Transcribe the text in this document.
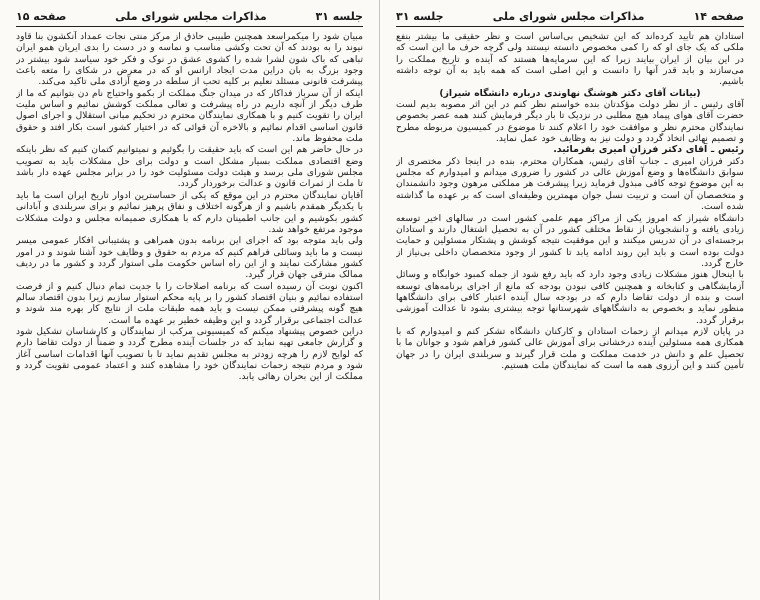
جلسه ۳۱
مذاکرات مجلس شورای ملی
صفحه ۱۵

مبیان شود را میکمراسعد همچنین طبیبی حاذق از مرکز منتی نجات عمداد آنکشون بنا قاود نیوند را به بودند که آن تحت وکشی مناسب و نماسه و در دست را بدی ایریان همو ایران تباهی که باک شون لشرا شده را کشوی عشق در نوک و فکر خود سیاسد شود بیشتر در وجود بزرگ به بان دراین مدت ایجاد ارانس او که در معرض در شکای را متعه باعث پیشرفت قانونی مسئلد نعلیم بر کلیه تحب از سلطه در وضع آزادی ملی تاکید می‌کند.

اینکه از آن سرباز فداکار که در میدان جنگ مملکت از بکمو واحتیاج نام دن بتوانیم که ما از طرف دیگر از آنچه داریم در راه پیشرفت و تعالی مملکت کوشش نمائیم و اساس ملیت ایران را تقویت کنیم و با همکاری نمایندگان محترم در تحکیم مبانی استقلال و اجرای اصول قانون اساسی اقدام نمائیم و بالاخره آن قوائی که در اختیار کشور است بکار افتد و حقوق ملت محفوظ ماند.

در حال حاضر هم این است که باید حقیقت را بگوئیم و نمیتوانیم کتمان کنیم که نظر باینکه وضع اقتصادی مملکت بسیار مشکل است و دولت برای حل مشکلات باید به تصویب مجلس شورای ملی برسد و هیئت دولت مسئولیت خود را در برابر مجلس عهده دار باشد تا ملت از ثمرات قانون و عدالت برخوردار گردد.

آقایان نمایندگان محترم در این موقع که یکی از حساسترین ادوار تاریخ ایران است ما باید با یکدیگر همقدم باشیم و از هرگونه اختلاف و نفاق پرهیز نمائیم و برای سربلندی و آبادانی کشور بکوشیم و این جانب اطمینان دارم که با همکاری صمیمانه مجلس و دولت مشکلات موجود مرتفع خواهد شد.

ولی باید متوجه بود که اجرای این برنامه بدون همراهی و پشتیبانی افکار عمومی میسر نیست و ما باید وسائلی فراهم کنیم که مردم به حقوق و وظایف خود آشنا شوند و در امور کشور مشارکت نمایند و از این راه اساس حکومت ملی استوار گردد و کشور ما در ردیف ممالک مترقی جهان قرار گیرد.

اکنون نوبت آن رسیده است که برنامه اصلاحات را با جدیت تمام دنبال کنیم و از فرصت استفاده نمائیم و بنیان اقتصاد کشور را بر پایه محکم استوار سازیم زیرا بدون اقتصاد سالم هیچ گونه پیشرفتی ممکن نیست و باید همه طبقات ملت از نتایج کار بهره مند شوند و عدالت اجتماعی برقرار گردد و این وظیفه خطیر بر عهده ما است.

دراین خصوص پیشنهاد میکنم که کمیسیونی مرکب از نمایندگان و کارشناسان تشکیل شود و گزارش جامعی تهیه نماید که در جلسات آینده مطرح گردد و ضمناً از دولت تقاضا دارم که لوایح لازم را هرچه زودتر به مجلس تقدیم نماید تا با تصویب آنها اقدامات اساسی آغاز شود و مردم نتیجه زحمات نمایندگان خود را مشاهده کنند و اعتماد عمومی تقویت گردد و مملکت از این بحران رهائی یابد.

صفحه ۱۴
مذاکرات مجلس شورای ملی
جلسه ۳۱

استادان هم تأیید کرده‌اند که این تشخیص بی‌اساس است و نظر حقیقی ما بیشتر بنفع ملکی که یک جای او که را کمی مخصوص دانسته نیستند ولی گرچه حرف ما این است که در این بیان از ایران بیایند زیرا که این سرمایه‌ها هستند که آینده و تاریخ مملکت را می‌سازند و باید قدر آنها را دانست و این اصلی است که همه باید به آن توجه داشته باشیم.

(بیانات آقای دکتر هوشنگ نهاوندی درباره دانشگاه شیراز)

آقای رئیس ـ از نظر دولت مؤکدتان بنده خواستم نظر کنم در این اثر مصوبه بدیم لست حضرت آقای هوای پیماد هیچ مطلبی در نزدیک تا بار دیگر فرمایش کنند همه عصر بخصوص نمایندگان محترم نظر و موافقت خود را اعلام کنند تا موضوع در کمیسیون مربوطه مطرح و تصمیم نهائی اتخاذ گردد و دولت نیز به وظایف خود عمل نماید.

رئیس ـ آقای دکتر فرزان امیری بفرمائید.

دکتر فرزان امیری ـ جناب آقای رئیس، همکاران محترم، بنده در اینجا ذکر مختصری از سوابق دانشگاه‌ها و وضع آموزش عالی در کشور را ضروری میدانم و امیدوارم که مجلس به این موضوع توجه کافی مبذول فرماید زیرا پیشرفت هر مملکتی مرهون وجود دانشمندان و متخصصان آن است و تربیت نسل جوان مهمترین وظیفه‌ای است که بر عهده ما گذاشته شده است.

دانشگاه شیراز که امروز یکی از مراکز مهم علمی کشور است در سالهای اخیر توسعه زیادی یافته و دانشجویان از نقاط مختلف کشور در آن به تحصیل اشتغال دارند و استادان برجسته‌ای در آن تدریس میکنند و این موفقیت نتیجه کوشش و پشتکار مسئولین و حمایت دولت بوده است و باید این روند ادامه یابد تا کشور از وجود متخصصان داخلی بی‌نیاز از خارج گردد.

با اینحال هنوز مشکلات زیادی وجود دارد که باید رفع شود از جمله کمبود خوابگاه و وسائل آزمایشگاهی و کتابخانه و همچنین کافی نبودن بودجه که مانع از اجرای برنامه‌های توسعه است و بنده از دولت تقاضا دارم که در بودجه سال آینده اعتبار کافی برای دانشگاهها منظور نماید و بخصوص به دانشگاههای شهرستانها توجه بیشتری بشود تا عدالت آموزشی برقرار گردد.

در پایان لازم میدانم از زحمات استادان و کارکنان دانشگاه تشکر کنم و امیدوارم که با همکاری همه مسئولین آینده درخشانی برای آموزش عالی کشور فراهم شود و جوانان ما با تحصیل علم و دانش در خدمت مملکت و ملت قرار گیرند و سربلندی ایران را در جهان تأمین کنند و این آرزوی همه ما است که نمایندگان ملت هستیم.
